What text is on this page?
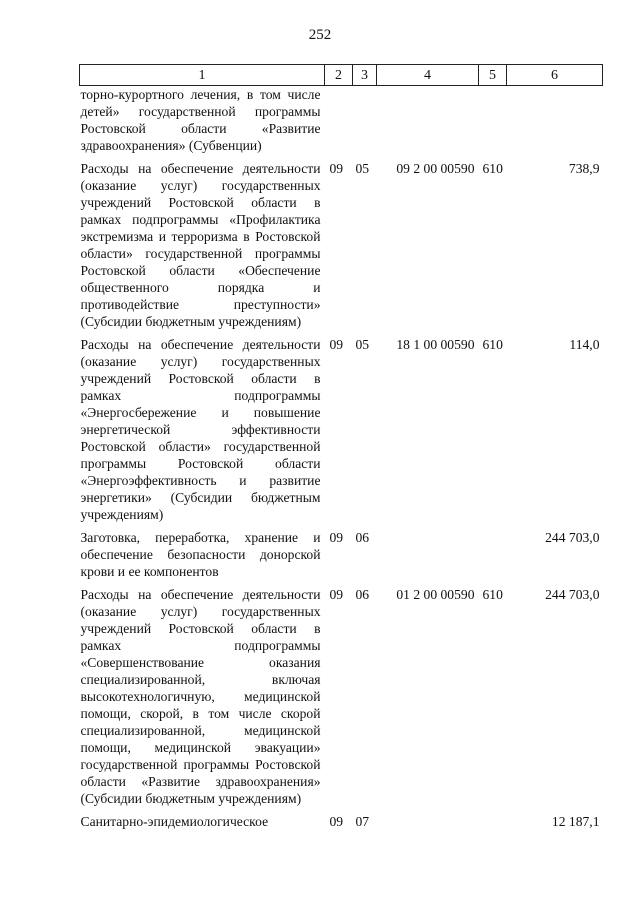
252
1	2	3	4	5	6
торно-курортного лечения, в том числе детей» государственной программы Ростовской области «Развитие здравоохранения» (Субвенции)					
Расходы на обеспечение деятельности (оказание услуг) государственных учреждений Ростовской области в рамках подпрограммы «Профилактика экстремизма и терроризма в Ростовской области» государственной программы Ростовской области «Обеспечение общественного порядка и противодействие преступности» (Субсидии бюджетным учреждениям)	09	05	09 2 00 00590	610	738,9
Расходы на обеспечение деятельности (оказание услуг) государственных учреждений Ростовской области в рамках подпрограммы «Энергосбережение и повышение энергетической эффективности Ростовской области» государственной программы Ростовской области «Энергоэффективность и развитие энергетики» (Субсидии бюджетным учреждениям)	09	05	18 1 00 00590	610	114,0
Заготовка, переработка, хранение и обеспечение безопасности донорской крови и ее компонентов	09	06			244 703,0
Расходы на обеспечение деятельности (оказание услуг) государственных учреждений Ростовской области в рамках подпрограммы «Совершенствование оказания специализированной, включая высокотехнологичную, медицинской помощи, скорой, в том числе скорой специализированной, медицинской помощи, медицинской эвакуации» государственной программы Ростовской области «Развитие здравоохранения» (Субсидии бюджетным учреждениям)	09	06	01 2 00 00590	610	244 703,0
Санитарно-эпидемиологическое	09	07			12 187,1
